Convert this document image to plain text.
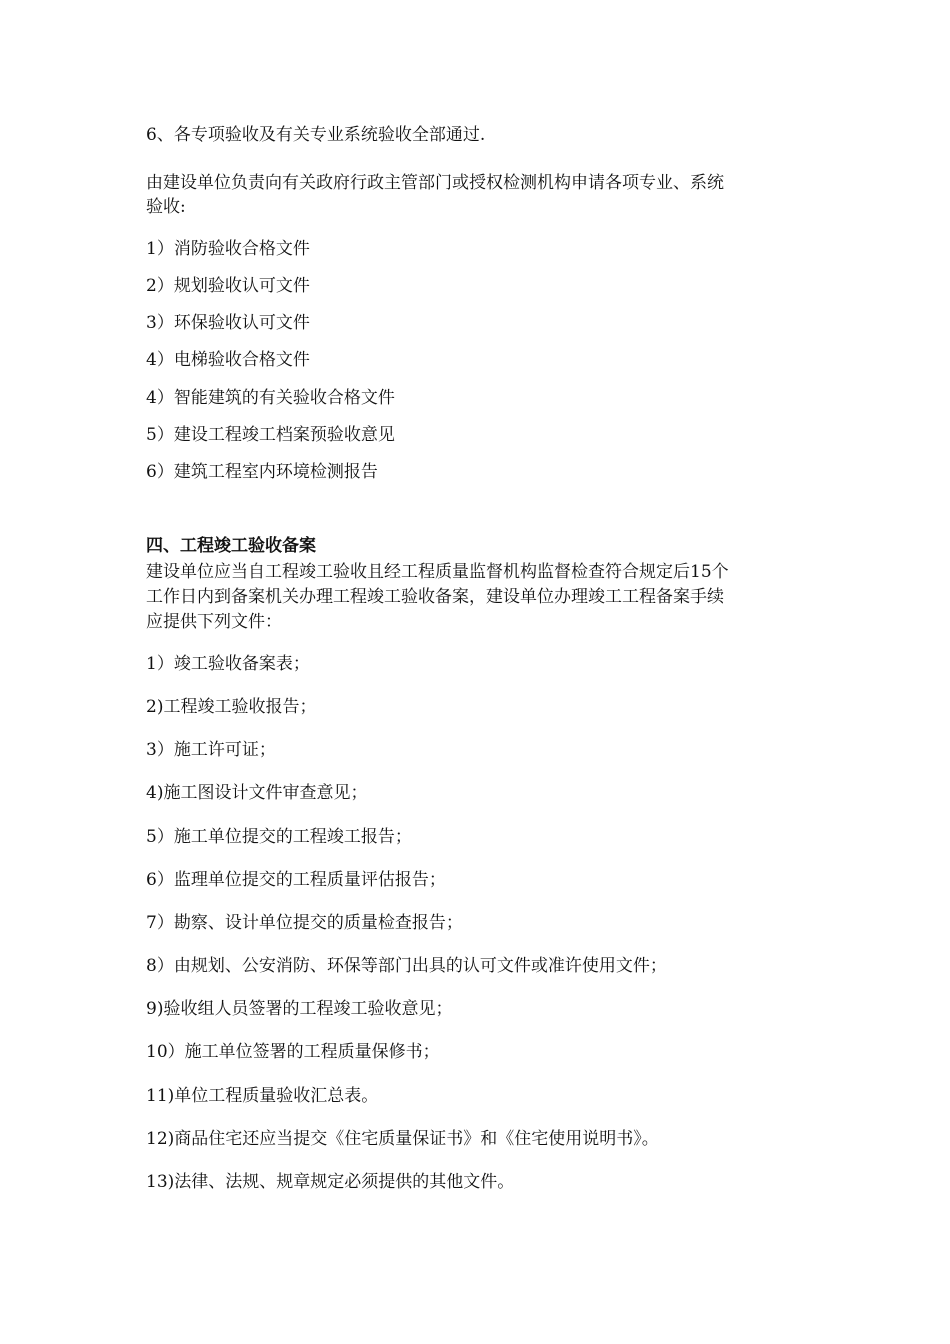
6、各专项验收及有关专业系统验收全部通过.
由建设单位负责向有关政府行政主管部门或授权检测机构申请各项专业、系统
验收:
1）消防验收合格文件
2）规划验收认可文件
3）环保验收认可文件
4）电梯验收合格文件
4）智能建筑的有关验收合格文件
5）建设工程竣工档案预验收意见
6）建筑工程室内环境检测报告
四、工程竣工验收备案
建设单位应当自工程竣工验收且经工程质量监督机构监督检查符合规定后15个
工作日内到备案机关办理工程竣工验收备案，建设单位办理竣工工程备案手续
应提供下列文件：
1）竣工验收备案表；
2)工程竣工验收报告；
3）施工许可证；
4)施工图设计文件审查意见；
5）施工单位提交的工程竣工报告；
6）监理单位提交的工程质量评估报告；
7）勘察、设计单位提交的质量检查报告；
8）由规划、公安消防、环保等部门出具的认可文件或准许使用文件；
9)验收组人员签署的工程竣工验收意见；
10）施工单位签署的工程质量保修书；
11)单位工程质量验收汇总表。
12)商品住宅还应当提交《住宅质量保证书》和《住宅使用说明书》。
13)法律、法规、规章规定必须提供的其他文件。
